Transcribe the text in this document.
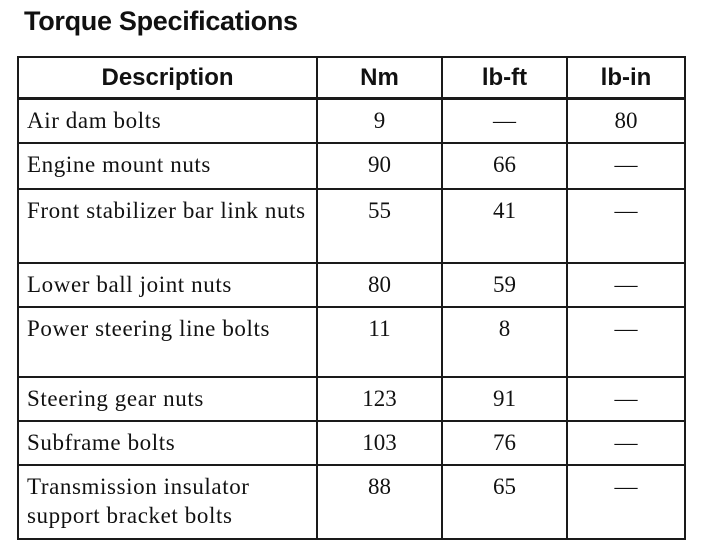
Torque Specifications
Description	Nm	lb-ft	lb-in
Air dam bolts	9	—	80
Engine mount nuts	90	66	—
Front stabilizer bar link nuts	55	41	—
Lower ball joint nuts	80	59	—
Power steering line bolts	11	8	—
Steering gear nuts	123	91	—
Subframe bolts	103	76	—
Transmission insulator support bracket bolts	88	65	—
